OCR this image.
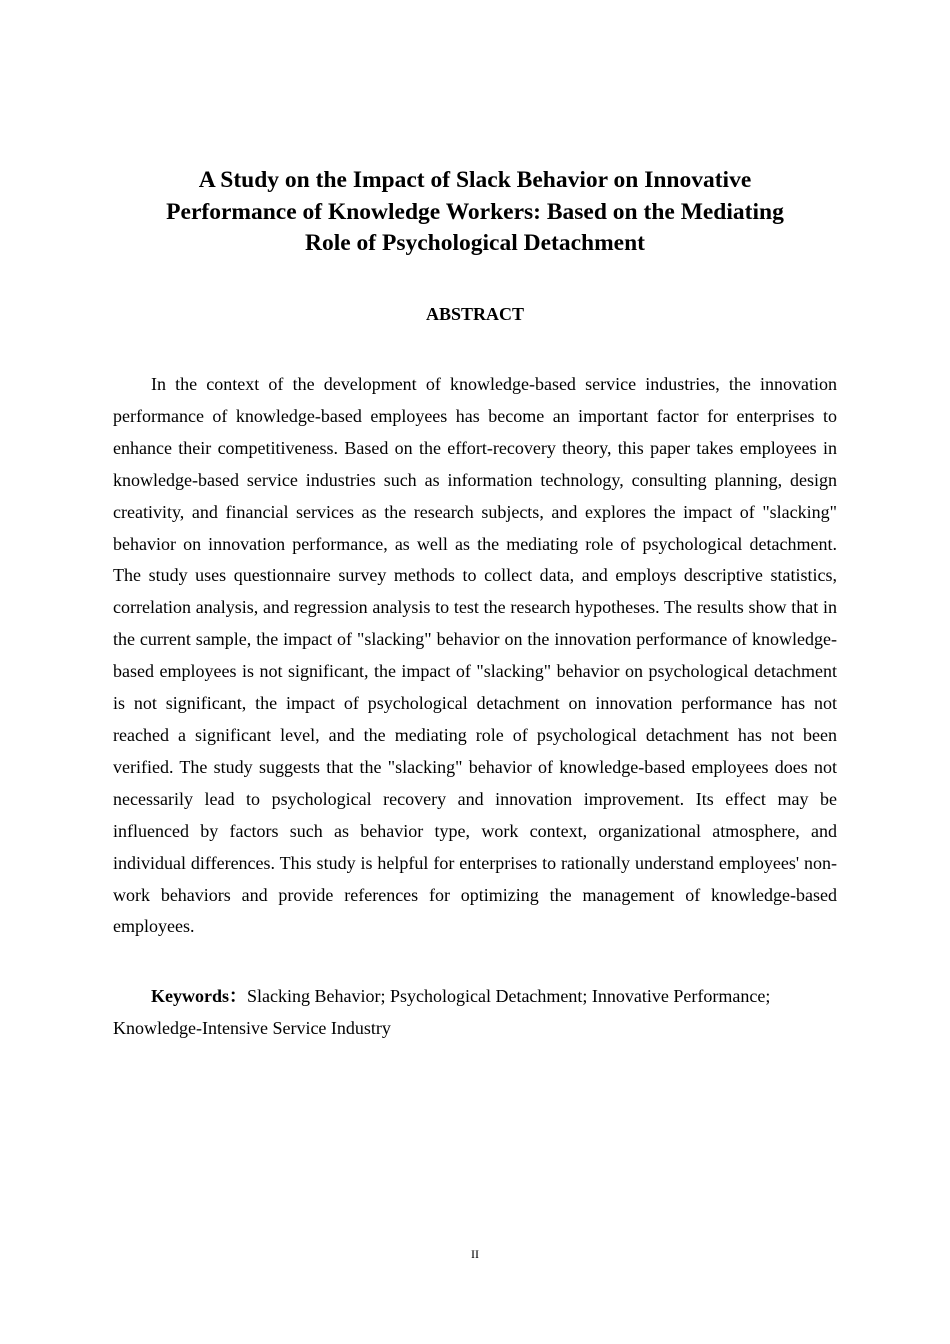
A Study on the Impact of Slack Behavior on Innovative
Performance of Knowledge Workers: Based on the Mediating
Role of Psychological Detachment
ABSTRACT

In the context of the development of knowledge-based service industries, the innovation performance of knowledge-based employees has become an important factor for enterprises to enhance their competitiveness. Based on the effort-recovery theory, this paper takes employees in knowledge-based service industries such as information technology, consulting planning, design creativity, and financial services as the research subjects, and explores the impact of "slacking" behavior on innovation performance, as well as the mediating role of psychological detachment. The study uses questionnaire survey methods to collect data, and employs descriptive statistics, correlation analysis, and regression analysis to test the research hypotheses. The results show that in the current sample, the impact of "slacking" behavior on the innovation performance of knowledge-based employees is not significant, the impact of "slacking" behavior on psychological detachment is not significant, the impact of psychological detachment on innovation performance has not reached a significant level, and the mediating role of psychological detachment has not been verified. The study suggests that the "slacking" behavior of knowledge-based employees does not necessarily lead to psychological recovery and innovation improvement. Its effect may be influenced by factors such as behavior type, work context, organizational atmosphere, and individual differences. This study is helpful for enterprises to rationally understand employees' non-work behaviors and provide references for optimizing the management of knowledge-based employees.

Keywords：Slacking Behavior; Psychological Detachment; Innovative Performance; Knowledge-Intensive Service Industry

II
